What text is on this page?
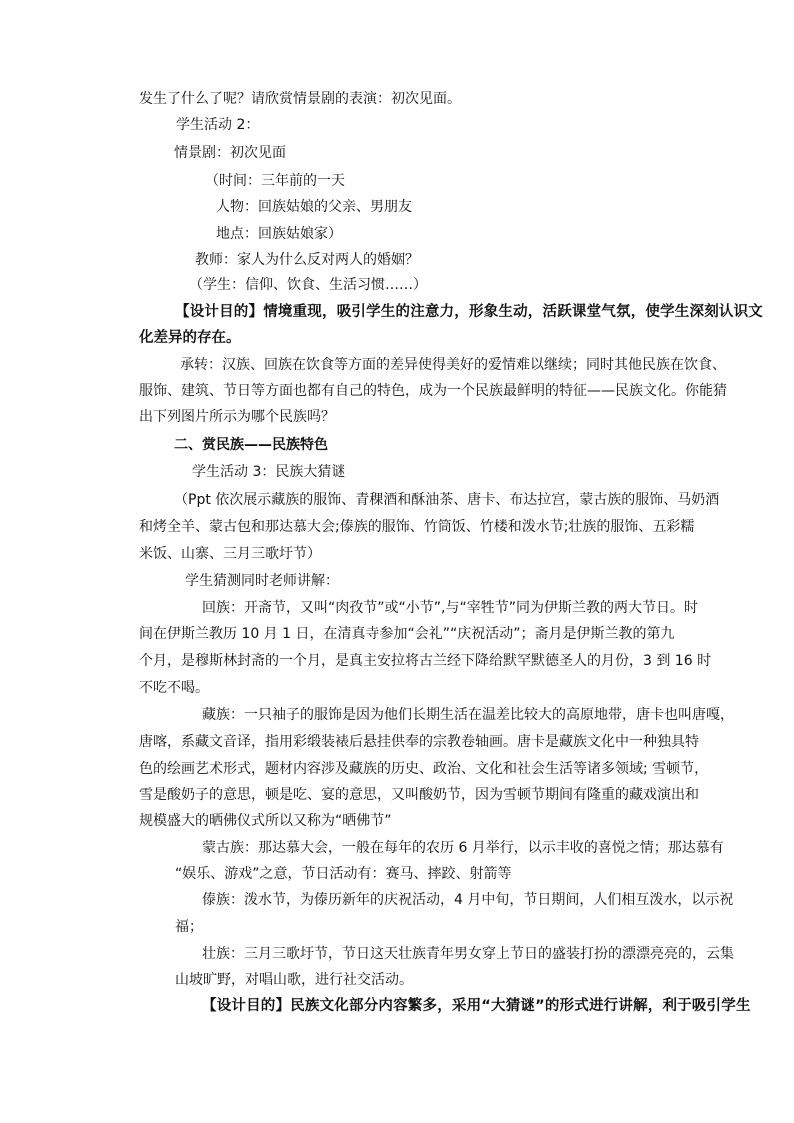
发生了什么了呢？请欣赏情景剧的表演：初次见面。
学生活动 2：
情景剧：初次见面
（时间：三年前的一天
人物：回族姑娘的父亲、男朋友
地点：回族姑娘家）
教师：家人为什么反对两人的婚姻？
（学生：信仰、饮食、生活习惯……）
【设计目的】情境重现，吸引学生的注意力，形象生动，活跃课堂气氛，使学生深刻认识文
化差异的存在。
承转：汉族、回族在饮食等方面的差异使得美好的爱情难以继续；同时其他民族在饮食、
服饰、建筑、节日等方面也都有自己的特色，成为一个民族最鲜明的特征——民族文化。你能猜
出下列图片所示为哪个民族吗？
二、赏民族——民族特色
学生活动 3：民族大猜谜
（Ppt 依次展示藏族的服饰、青稞酒和酥油茶、唐卡、布达拉宫，蒙古族的服饰、马奶酒
和烤全羊、蒙古包和那达慕大会;傣族的服饰、竹筒饭、竹楼和泼水节;壮族的服饰、五彩糯
米饭、山寨、三月三歌圩节）
学生猜测同时老师讲解：
回族：开斋节，又叫“肉孜节”或“小节”,与“宰牲节”同为伊斯兰教的两大节日。时
间在伊斯兰教历 10 月 1 日，在清真寺参加“会礼”“庆祝活动”；斋月是伊斯兰教的第九
个月，是穆斯林封斋的一个月，是真主安拉将古兰经下降给默罕默德圣人的月份，3 到 16 时
不吃不喝。
藏族：一只袖子的服饰是因为他们长期生活在温差比较大的高原地带，唐卡也叫唐嘎，
唐喀，系藏文音译，指用彩缎装裱后悬挂供奉的宗教卷轴画。唐卡是藏族文化中一种独具特
色的绘画艺术形式，题材内容涉及藏族的历史、政治、文化和社会生活等诸多领域; 雪顿节，
雪是酸奶子的意思，顿是吃、宴的意思，又叫酸奶节，因为雪顿节期间有隆重的藏戏演出和
规模盛大的晒佛仪式所以又称为“晒佛节”
蒙古族：那达慕大会，一般在每年的农历 6 月举行，以示丰收的喜悦之情；那达慕有
“娱乐、游戏”之意，节日活动有：赛马、摔跤、射箭等
傣族：泼水节，为傣历新年的庆祝活动，4 月中旬，节日期间，人们相互泼水，以示祝
福；
壮族：三月三歌圩节，节日这天壮族青年男女穿上节日的盛装打扮的漂漂亮亮的，云集
山坡旷野，对唱山歌，进行社交活动。
【设计目的】民族文化部分内容繁多，采用“大猜谜”的形式进行讲解，利于吸引学生
